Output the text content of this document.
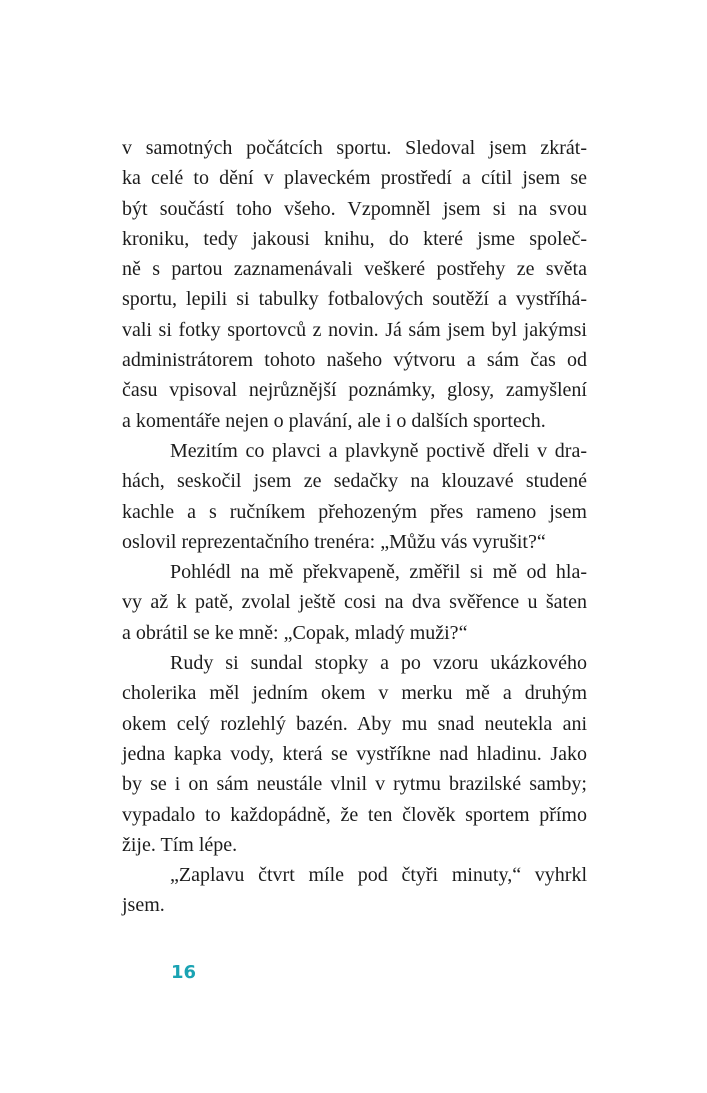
v samotných počátcích sportu. Sledoval jsem zkrát-
ka celé to dění v plaveckém prostředí a cítil jsem se
být součástí toho všeho. Vzpomněl jsem si na svou
kroniku, tedy jakousi knihu, do které jsme společ-
ně s partou zaznamenávali veškeré postřehy ze světa
sportu, lepili si tabulky fotbalových soutěží a vystříhá-
vali si fotky sportovců z novin. Já sám jsem byl jakýmsi
administrátorem tohoto našeho výtvoru a sám čas od
času vpisoval nejrůznější poznámky, glosy, zamyšlení
a komentáře nejen o plavání, ale i o dalších sportech.
Mezitím co plavci a plavkyně poctivě dřeli v dra-
hách, seskočil jsem ze sedačky na klouzavé studené
kachle a s ručníkem přehozeným přes rameno jsem
oslovil reprezentačního trenéra: „Můžu vás vyrušit?“
Pohlédl na mě překvapeně, změřil si mě od hla-
vy až k patě, zvolal ještě cosi na dva svěřence u šaten
a obrátil se ke mně: „Copak, mladý muži?“
Rudy si sundal stopky a po vzoru ukázkového
cholerika měl jedním okem v merku mě a druhým
okem celý rozlehlý bazén. Aby mu snad neutekla ani
jedna kapka vody, která se vystříkne nad hladinu. Jako
by se i on sám neustále vlnil v rytmu brazilské samby;
vypadalo to každopádně, že ten člověk sportem přímo
žije. Tím lépe.
„Zaplavu čtvrt míle pod čtyři minuty,“ vyhrkl
jsem.
16
